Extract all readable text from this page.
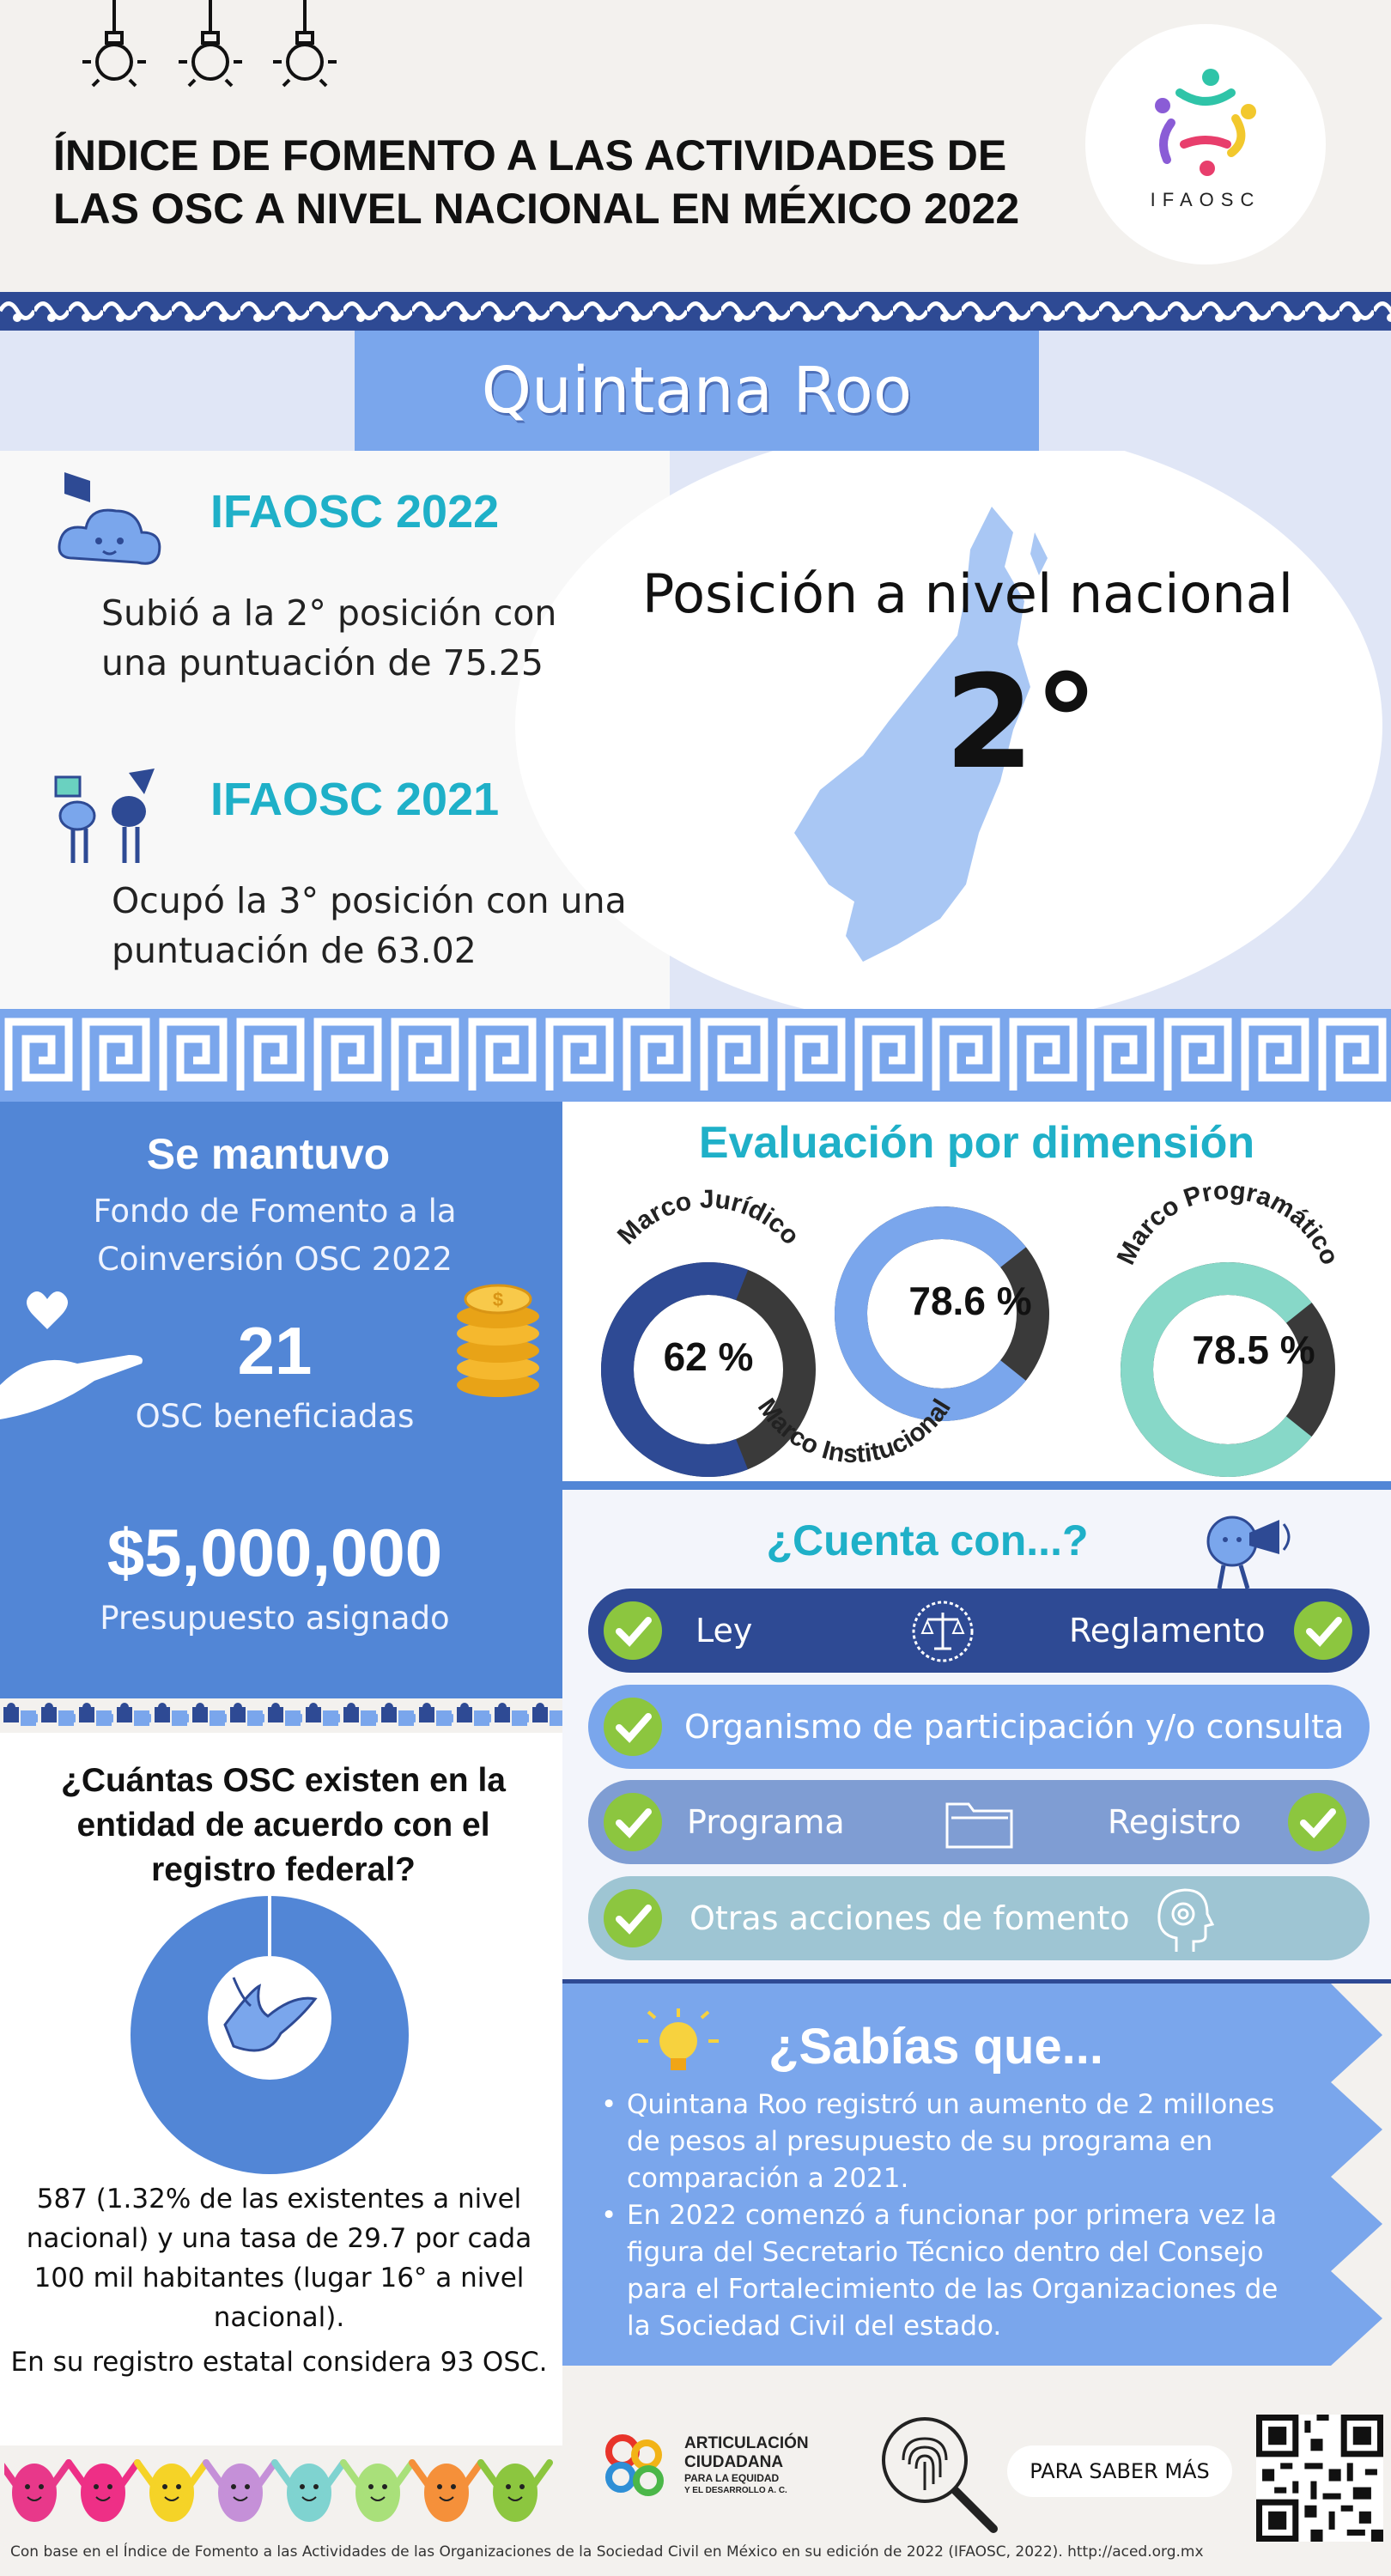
ÍNDICE DE FOMENTO A LAS ACTIVIDADES DE
LAS OSC A NIVEL NACIONAL EN MÉXICO 2022	IFAOSC
Quintana Roo
IFAOSC 2022
Subió a la 2° posición con
una puntuación de 75.25
IFAOSC 2021
Ocupó la 3° posición con una
puntuación de 63.02
Posición a nivel nacional
2°
Se mantuvo
Fondo de Fomento a la Coinversión OSC 2022
$
21
OSC beneficiadas
$5,000,000
Presupuesto asignado
Evaluación por dimensión
Marco Jurídico
Marco Institucional
Marco Programático
62 %
78.6 %
78.5 %
¿Cuenta con...?
Ley	Reglamento
Organismo de participación y/o consulta
Programa	Registro
Otras acciones de fomento
¿Cuántas OSC existen en la entidad de acuerdo con el registro federal?
587 (1.32% de las existentes a nivel nacional) y una tasa de 29.7 por cada 100 mil habitantes (lugar 16° a nivel nacional).
En su registro estatal considera 93 OSC.
¿Sabías que...
• Quintana Roo registró un aumento de 2 millones de pesos al presupuesto de su programa en comparación a 2021.
• En 2022 comenzó a funcionar por primera vez la figura del Secretario Técnico dentro del Consejo para el Fortalecimiento de las Organizaciones de la Sociedad Civil del estado.
ARTICULACIÓN
CIUDADANA
PARA LA EQUIDAD
Y EL DESARROLLO A. C.
PARA SABER MÁS
Con base en el Índice de Fomento a las Actividades de las Organizaciones de la Sociedad Civil en México en su edición de 2022 (IFAOSC, 2022). http://aced.org.mx
